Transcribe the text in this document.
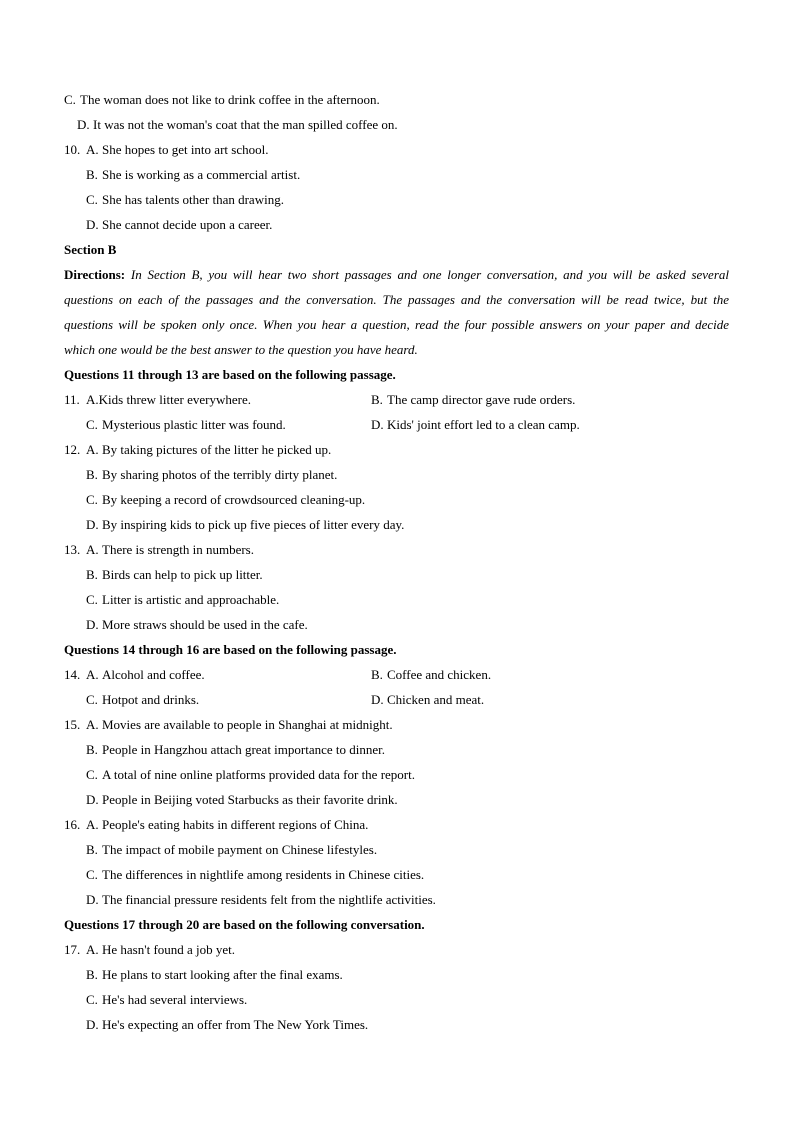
C. The woman does not like to drink coffee in the afternoon.
D. It was not the woman's coat that the man spilled coffee on.
10. A. She hopes to get into art school.
B. She is working as a commercial artist.
C. She has talents other than drawing.
D. She cannot decide upon a career.
Section B
Directions: In Section B, you will hear two short passages and one longer conversation, and you will be asked several
questions on each of the passages and the conversation. The passages and the conversation will be read twice, but the
questions will be spoken only once. When you hear a question, read the four possible answers on your paper and decide
which one would be the best answer to the question you have heard.
Questions 11 through 13 are based on the following passage.
11. A.Kids threw litter everywhere.	B. The camp director gave rude orders.
C. Mysterious plastic litter was found.	D. Kids' joint effort led to a clean camp.
12. A. By taking pictures of the litter he picked up.
B. By sharing photos of the terribly dirty planet.
C. By keeping a record of crowdsourced cleaning-up.
D. By inspiring kids to pick up five pieces of litter every day.
13. A. There is strength in numbers.
B. Birds can help to pick up litter.
C. Litter is artistic and approachable.
D. More straws should be used in the cafe.
Questions 14 through 16 are based on the following passage.
14. A. Alcohol and coffee.	B. Coffee and chicken.
C. Hotpot and drinks.	D. Chicken and meat.
15. A. Movies are available to people in Shanghai at midnight.
B. People in Hangzhou attach great importance to dinner.
C. A total of nine online platforms provided data for the report.
D. People in Beijing voted Starbucks as their favorite drink.
16. A. People's eating habits in different regions of China.
B. The impact of mobile payment on Chinese lifestyles.
C. The differences in nightlife among residents in Chinese cities.
D. The financial pressure residents felt from the nightlife activities.
Questions 17 through 20 are based on the following conversation.
17. A. He hasn't found a job yet.
B. He plans to start looking after the final exams.
C. He's had several interviews.
D. He's expecting an offer from The New York Times.
